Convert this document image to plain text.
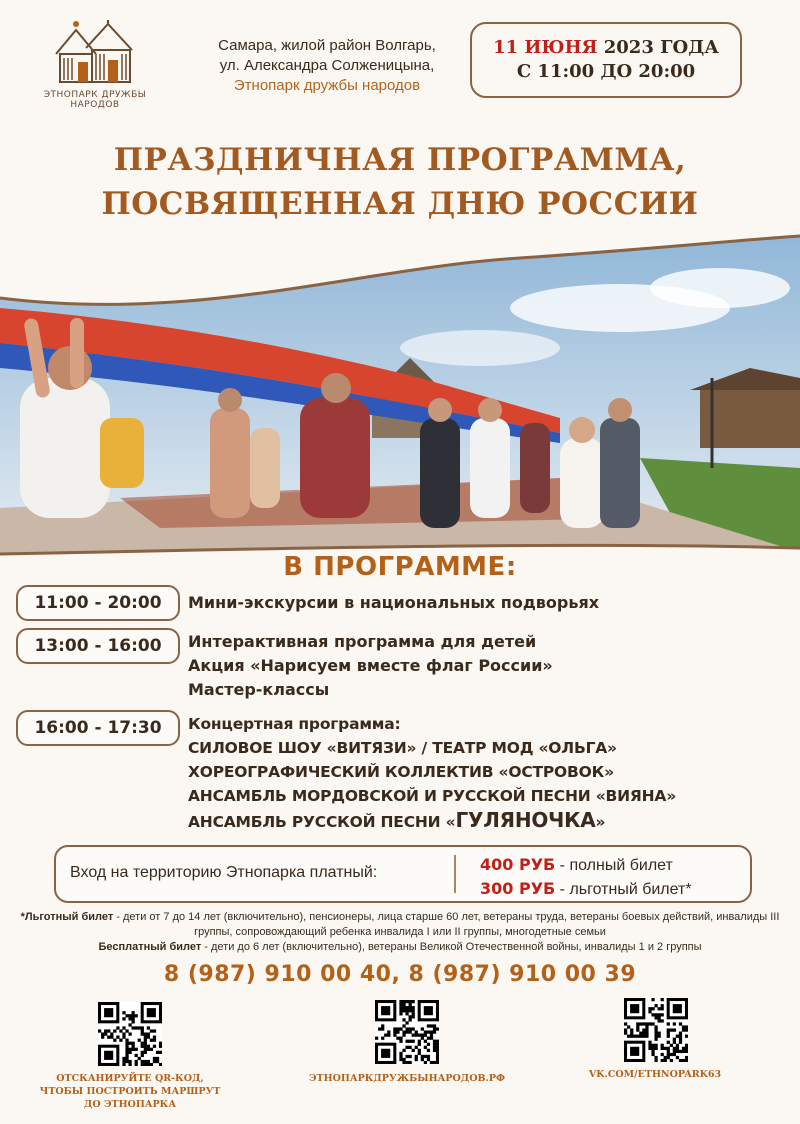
ЭТНОПАРК ДРУЖБЫ НАРОДОВ
Самара, жилой район Волгарь,
ул. Александра Солженицына,
Этнопарк дружбы народов
11 ИЮНЯ 2023 ГОДА
С 11:00 ДО 20:00
ПРАЗДНИЧНАЯ ПРОГРАММА,
ПОСВЯЩЕННАЯ ДНЮ РОССИИ
В ПРОГРАММЕ:
11:00 - 20:00	Мини-экскурсии в национальных подворьях
13:00 - 16:00	Интерактивная программа для детей
Акция «Нарисуем вместе флаг России»
Мастер-классы
16:00 - 17:30	Концертная программа:
СИЛОВОЕ ШОУ «ВИТЯЗИ» / ТЕАТР МОД «ОЛЬГА»
ХОРЕОГРАФИЧЕСКИЙ КОЛЛЕКТИВ «ОСТРОВОК»
АНСАМБЛЬ МОРДОВСКОЙ И РУССКОЙ ПЕСНИ «ВИЯНА»
АНСАМБЛЬ РУССКОЙ ПЕСНИ «ГУЛЯНОЧКА»
Вход на территорию Этнопарка платный:	400 РУБ - полный билет
300 РУБ - льготный билет*
*Льготный билет - дети от 7 до 14 лет (включительно), пенсионеры, лица старше 60 лет, ветераны труда, ветераны боевых действий, инвалиды III группы, сопровождающий ребенка инвалида I или II группы, многодетные семьи
Бесплатный билет - дети до 6 лет (включительно), ветераны Великой Отечественной войны, инвалиды 1 и 2 группы
8 (987) 910 00 40, 8 (987) 910 00 39
ОТСКАНИРУЙТЕ QR-КОД,
ЧТОБЫ ПОСТРОИТЬ МАРШРУТ
ДО ЭТНОПАРКА
ЭТНОПАРКДРУЖБЫНАРОДОВ.РФ	VK.COM/ETHNOPARK63
